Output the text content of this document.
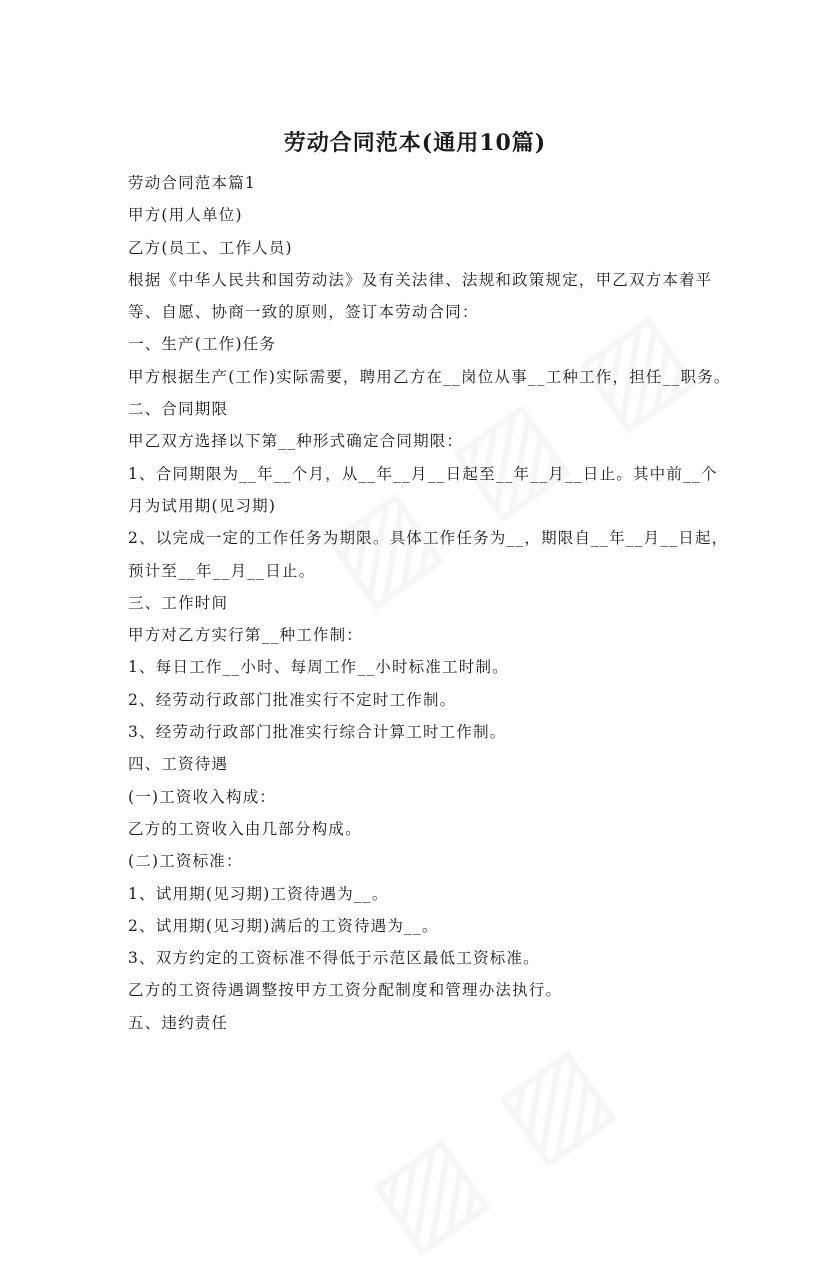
劳动合同范本(通用10篇)

劳动合同范本篇1

甲方(用人单位)

乙方(员工、工作人员)

根据《中华人民共和国劳动法》及有关法律、法规和政策规定，甲乙双方本着平

等、自愿、协商一致的原则，签订本劳动合同：

一、生产(工作)任务

甲方根据生产(工作)实际需要，聘用乙方在__岗位从事__工种工作，担任__职务。

二、合同期限

甲乙双方选择以下第__种形式确定合同期限：

1、合同期限为__年__个月，从__年__月__日起至__年__月__日止。其中前__个

月为试用期(见习期)

2、以完成一定的工作任务为期限。具体工作任务为__，期限自__年__月__日起，

预计至__年__月__日止。

三、工作时间

甲方对乙方实行第__种工作制：

1、每日工作__小时、每周工作__小时标准工时制。

2、经劳动行政部门批准实行不定时工作制。

3、经劳动行政部门批准实行综合计算工时工作制。

四、工资待遇

(一)工资收入构成：

乙方的工资收入由几部分构成。

(二)工资标准：

1、试用期(见习期)工资待遇为__。

2、试用期(见习期)满后的工资待遇为__。

3、双方约定的工资标准不得低于示范区最低工资标准。

乙方的工资待遇调整按甲方工资分配制度和管理办法执行。

五、违约责任
